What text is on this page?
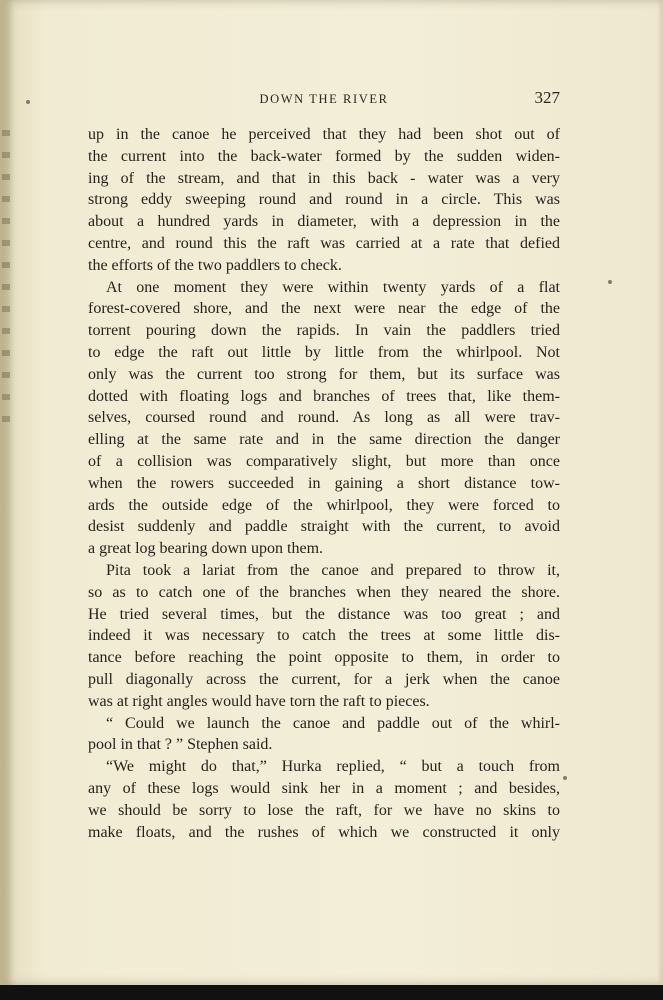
DOWN THE RIVER	327
up in the canoe he perceived that they had been shot out of
the current into the back-water formed by the sudden widen-
ing of the stream, and that in this back - water was a very
strong eddy sweeping round and round in a circle. This was
about a hundred yards in diameter, with a depression in the
centre, and round this the raft was carried at a rate that defied
the efforts of the two paddlers to check.
At one moment they were within twenty yards of a flat
forest-covered shore, and the next were near the edge of the
torrent pouring down the rapids. In vain the paddlers tried
to edge the raft out little by little from the whirlpool. Not
only was the current too strong for them, but its surface was
dotted with floating logs and branches of trees that, like them-
selves, coursed round and round. As long as all were trav-
elling at the same rate and in the same direction the danger
of a collision was comparatively slight, but more than once
when the rowers succeeded in gaining a short distance tow-
ards the outside edge of the whirlpool, they were forced to
desist suddenly and paddle straight with the current, to avoid
a great log bearing down upon them.
Pita took a lariat from the canoe and prepared to throw it,
so as to catch one of the branches when they neared the shore.
He tried several times, but the distance was too great ; and
indeed it was necessary to catch the trees at some little dis-
tance before reaching the point opposite to them, in order to
pull diagonally across the current, for a jerk when the canoe
was at right angles would have torn the raft to pieces.
“ Could we launch the canoe and paddle out of the whirl-
pool in that ? ” Stephen said.
“We might do that,” Hurka replied, “ but a touch from
any of these logs would sink her in a moment ; and besides,
we should be sorry to lose the raft, for we have no skins to
make floats, and the rushes of which we constructed it only
